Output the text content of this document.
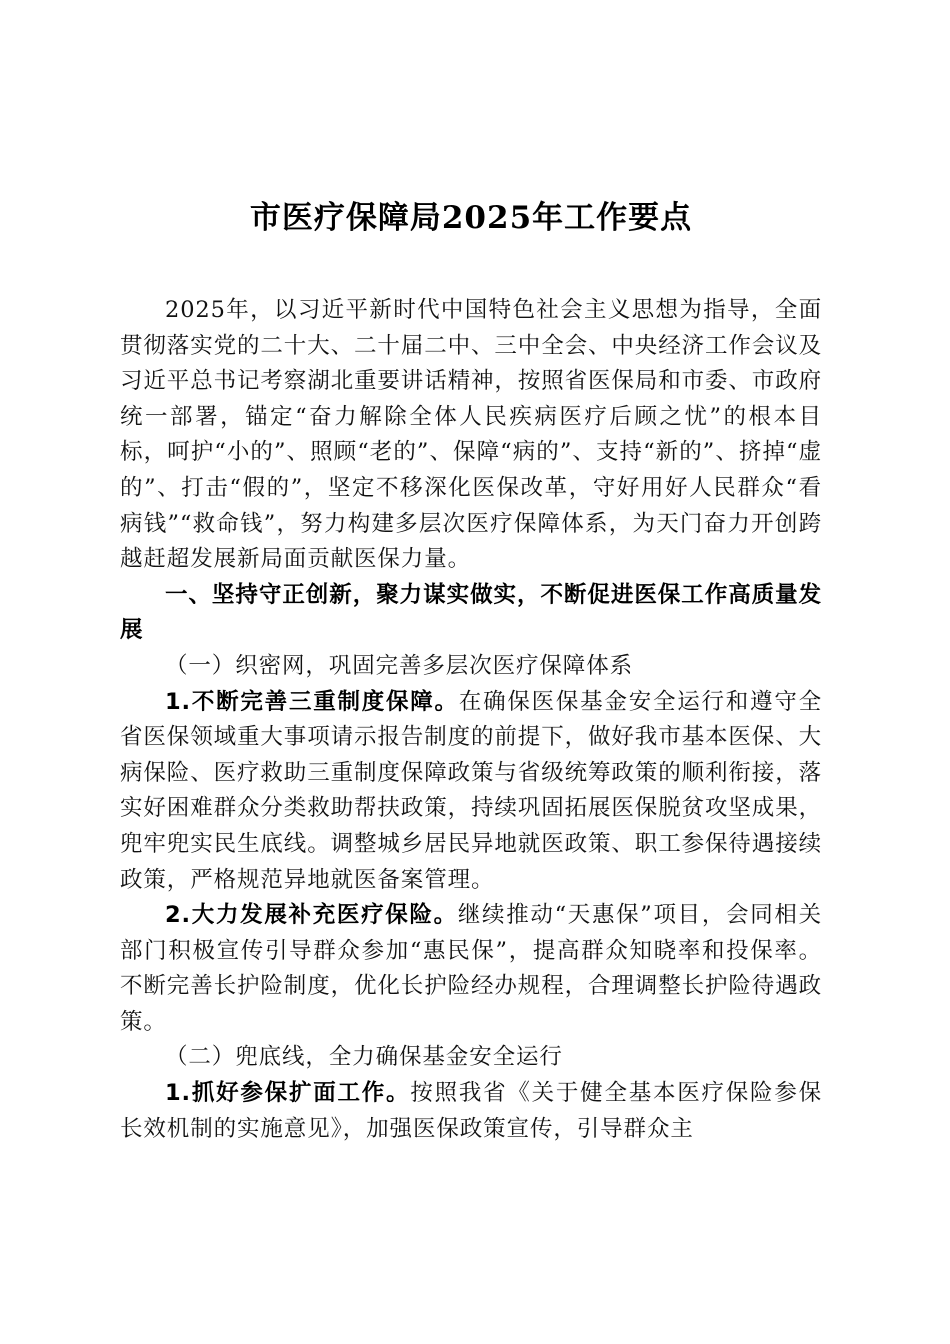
市医疗保障局2025年工作要点

2025年，以习近平新时代中国特色社会主义思想为指导，全面贯彻落实党的二十大、二十届二中、三中全会、中央经济工作会议及习近平总书记考察湖北重要讲话精神，按照省医保局和市委、市政府统一部署，锚定“奋力解除全体人民疾病医疗后顾之忧”的根本目标，呵护“小的”、照顾“老的”、保障“病的”、支持“新的”、挤掉“虚的”、打击“假的”，坚定不移深化医保改革，守好用好人民群众“看病钱”“救命钱”，努力构建多层次医疗保障体系，为天门奋力开创跨越赶超发展新局面贡献医保力量。

一、坚持守正创新，聚力谋实做实，不断促进医保工作高质量发展

（一）织密网，巩固完善多层次医疗保障体系

1.不断完善三重制度保障。在确保医保基金安全运行和遵守全省医保领域重大事项请示报告制度的前提下，做好我市基本医保、大病保险、医疗救助三重制度保障政策与省级统筹政策的顺利衔接，落实好困难群众分类救助帮扶政策，持续巩固拓展医保脱贫攻坚成果，兜牢兜实民生底线。调整城乡居民异地就医政策、职工参保待遇接续政策，严格规范异地就医备案管理。

2.大力发展补充医疗保险。继续推动“天惠保”项目，会同相关部门积极宣传引导群众参加“惠民保”，提高群众知晓率和投保率。不断完善长护险制度，优化长护险经办规程，合理调整长护险待遇政策。

（二）兜底线，全力确保基金安全运行

1.抓好参保扩面工作。按照我省《关于健全基本医疗保险参保长效机制的实施意见》，加强医保政策宣传，引导群众主
